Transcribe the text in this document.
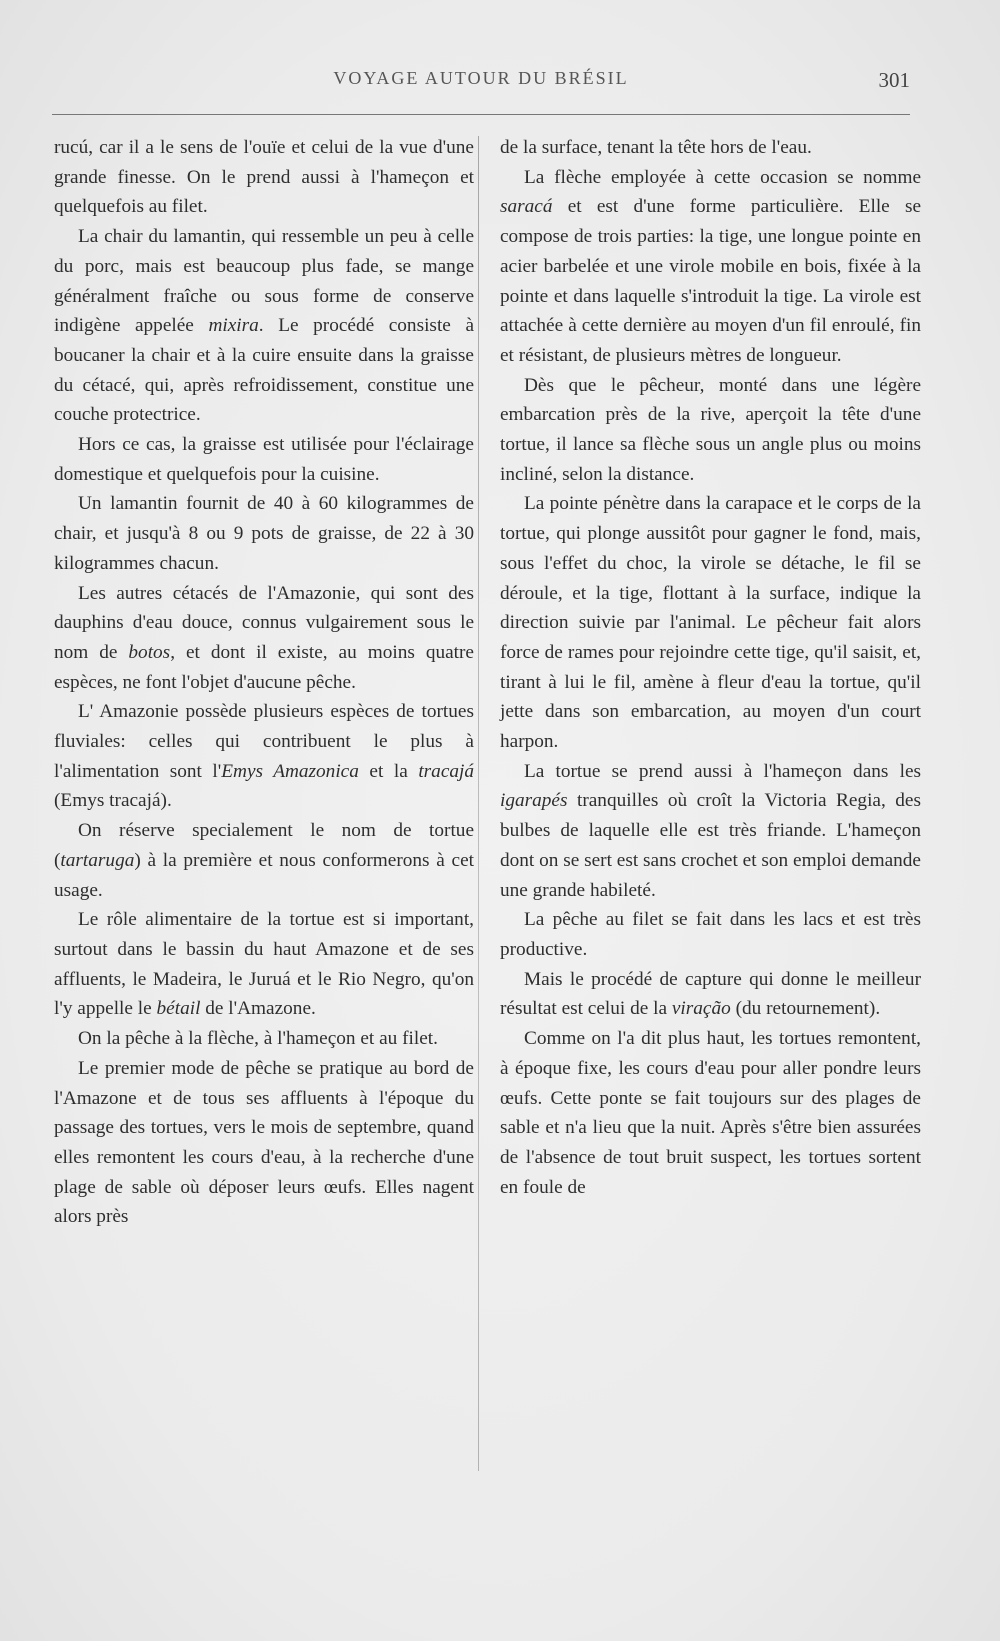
VOYAGE AUTOUR DU BRÉSIL	301

rucú, car il a le sens de l'ouïe et celui de la vue d'une grande finesse. On le prend aussi à l'hameçon et quelquefois au filet.

La chair du lamantin, qui ressemble un peu à celle du porc, mais est beaucoup plus fade, se mange généralment fraîche ou sous forme de conserve indigène appelée mixira. Le procédé consiste à boucaner la chair et à la cuire ensuite dans la graisse du cétacé, qui, après refroidissement, constitue une couche protectrice.

Hors ce cas, la graisse est utilisée pour l'éclairage domestique et quelquefois pour la cuisine.

Un lamantin fournit de 40 à 60 kilogrammes de chair, et jusqu'à 8 ou 9 pots de graisse, de 22 à 30 kilogrammes chacun.

Les autres cétacés de l'Amazonie, qui sont des dauphins d'eau douce, connus vulgairement sous le nom de botos, et dont il existe, au moins quatre espèces, ne font l'objet d'aucune pêche.

L' Amazonie possède plusieurs espèces de tortues fluviales: celles qui contribuent le plus à l'alimentation sont l'Emys Amazonica et la tracajá (Emys tracajá).

On réserve specialement le nom de tortue (tartaruga) à la première et nous conformerons à cet usage.

Le rôle alimentaire de la tortue est si important, surtout dans le bassin du haut Amazone et de ses affluents, le Madeira, le Juruá et le Rio Negro, qu'on l'y appelle le bétail de l'Amazone.

On la pêche à la flèche, à l'hameçon et au filet.

Le premier mode de pêche se pratique au bord de l'Amazone et de tous ses affluents à l'époque du passage des tortues, vers le mois de septembre, quand elles remontent les cours d'eau, à la recherche d'une plage de sable où déposer leurs œufs. Elles nagent alors près

de la surface, tenant la tête hors de l'eau.

La flèche employée à cette occasion se nomme saracá et est d'une forme particulière. Elle se compose de trois parties: la tige, une longue pointe en acier barbelée et une virole mobile en bois, fixée à la pointe et dans laquelle s'introduit la tige. La virole est attachée à cette dernière au moyen d'un fil enroulé, fin et résistant, de plusieurs mètres de longueur.

Dès que le pêcheur, monté dans une légère embarcation près de la rive, aperçoit la tête d'une tortue, il lance sa flèche sous un angle plus ou moins incliné, selon la distance.

La pointe pénètre dans la carapace et le corps de la tortue, qui plonge aussitôt pour gagner le fond, mais, sous l'effet du choc, la virole se détache, le fil se déroule, et la tige, flottant à la surface, indique la direction suivie par l'animal. Le pêcheur fait alors force de rames pour rejoindre cette tige, qu'il saisit, et, tirant à lui le fil, amène à fleur d'eau la tortue, qu'il jette dans son embarcation, au moyen d'un court harpon.

La tortue se prend aussi à l'hameçon dans les igarapés tranquilles où croît la Victoria Regia, des bulbes de laquelle elle est très friande. L'hameçon dont on se sert est sans crochet et son emploi demande une grande habileté.

La pêche au filet se fait dans les lacs et est très productive.

Mais le procédé de capture qui donne le meilleur résultat est celui de la viração (du retournement).

Comme on l'a dit plus haut, les tortues remontent, à époque fixe, les cours d'eau pour aller pondre leurs œufs. Cette ponte se fait toujours sur des plages de sable et n'a lieu que la nuit. Après s'être bien assurées de l'absence de tout bruit suspect, les tortues sortent en foule de
